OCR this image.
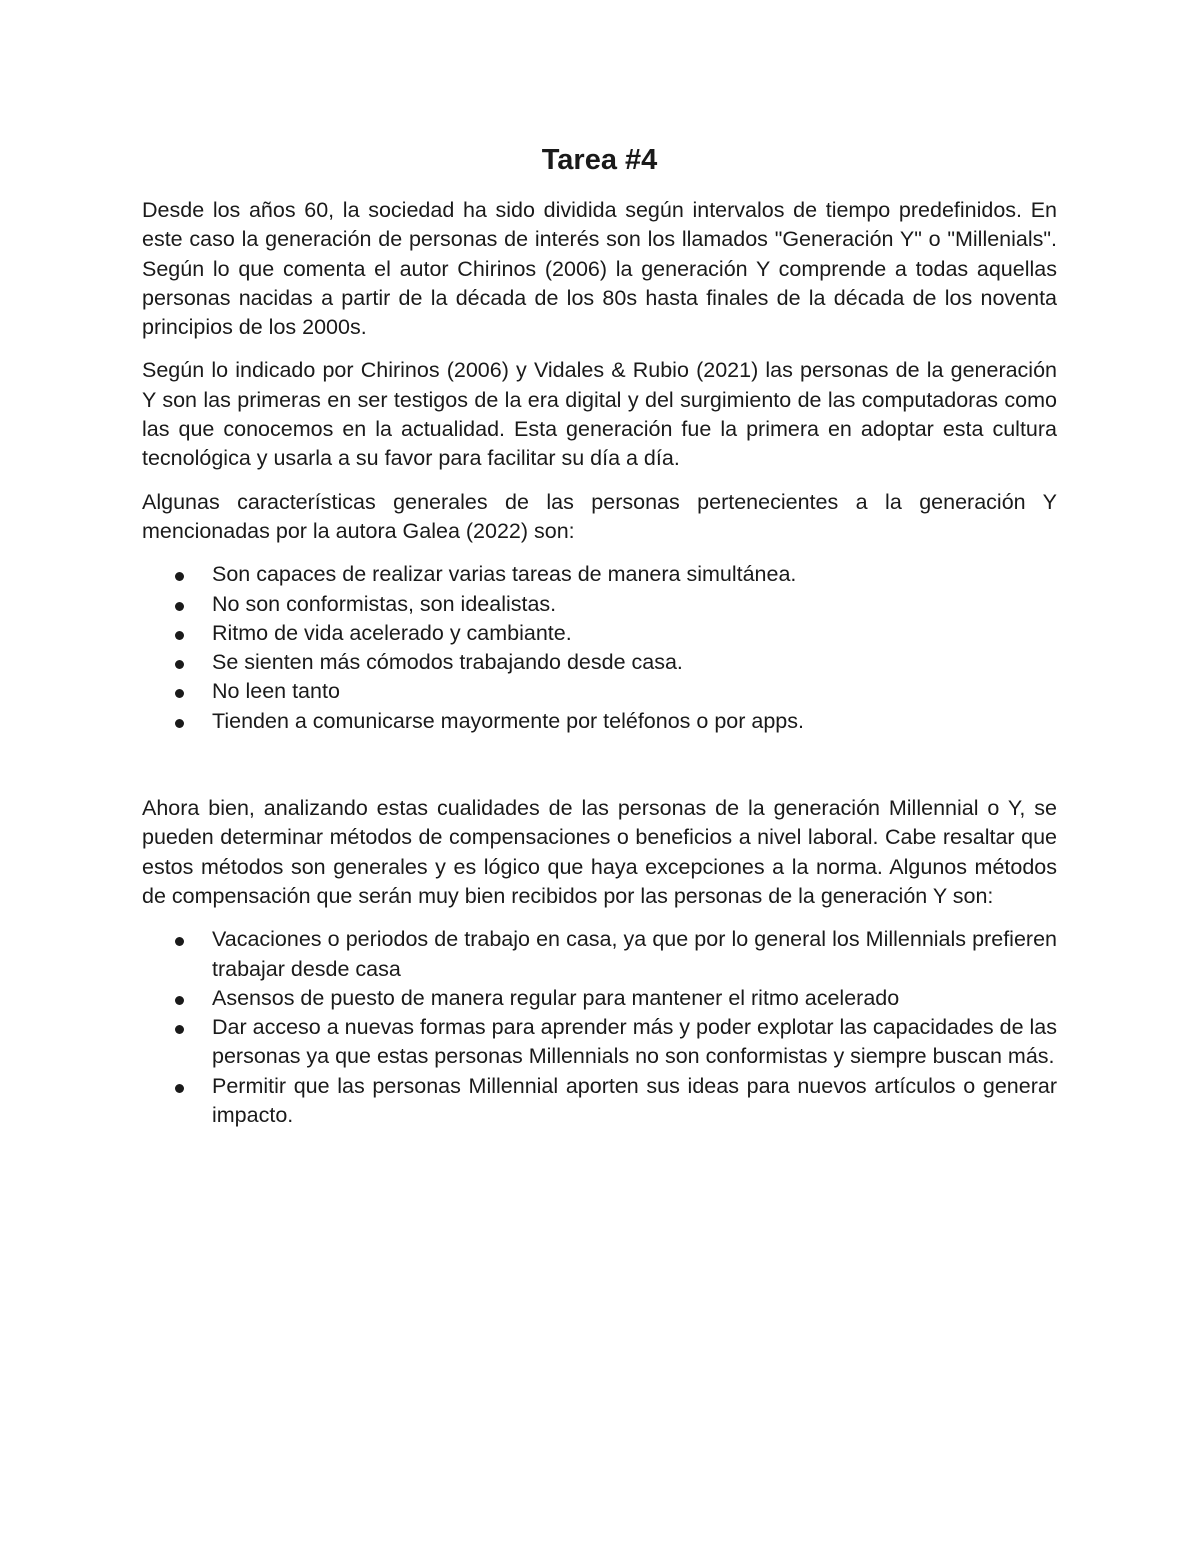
Tarea #4

Desde los años 60, la sociedad ha sido dividida según intervalos de tiempo predefinidos. En este caso la generación de personas de interés son los llamados "Generación Y" o "Millenials". Según lo que comenta el autor Chirinos (2006) la generación Y comprende a todas aquellas personas nacidas a partir de la década de los 80s hasta finales de la década de los noventa principios de los 2000s.

Según lo indicado por Chirinos (2006) y Vidales & Rubio (2021) las personas de la generación Y son las primeras en ser testigos de la era digital y del surgimiento de las computadoras como las que conocemos en la actualidad. Esta generación fue la primera en adoptar esta cultura tecnológica y usarla a su favor para facilitar su día a día.

Algunas características generales de las personas pertenecientes a la generación Y mencionadas por la autora Galea (2022) son:

Son capaces de realizar varias tareas de manera simultánea.
No son conformistas, son idealistas.
Ritmo de vida acelerado y cambiante.
Se sienten más cómodos trabajando desde casa.
No leen tanto
Tienden a comunicarse mayormente por teléfonos o por apps.

Ahora bien, analizando estas cualidades de las personas de la generación Millennial o Y, se pueden determinar métodos de compensaciones o beneficios a nivel laboral. Cabe resaltar que estos métodos son generales y es lógico que haya excepciones a la norma. Algunos métodos de compensación que serán muy bien recibidos por las personas de la generación Y son:

Vacaciones o periodos de trabajo en casa, ya que por lo general los Millennials prefieren trabajar desde casa
Asensos de puesto de manera regular para mantener el ritmo acelerado
Dar acceso a nuevas formas para aprender más y poder explotar las capacidades de las personas ya que estas personas Millennials no son conformistas y siempre buscan más.
Permitir que las personas Millennial aporten sus ideas para nuevos artículos o generar impacto.
